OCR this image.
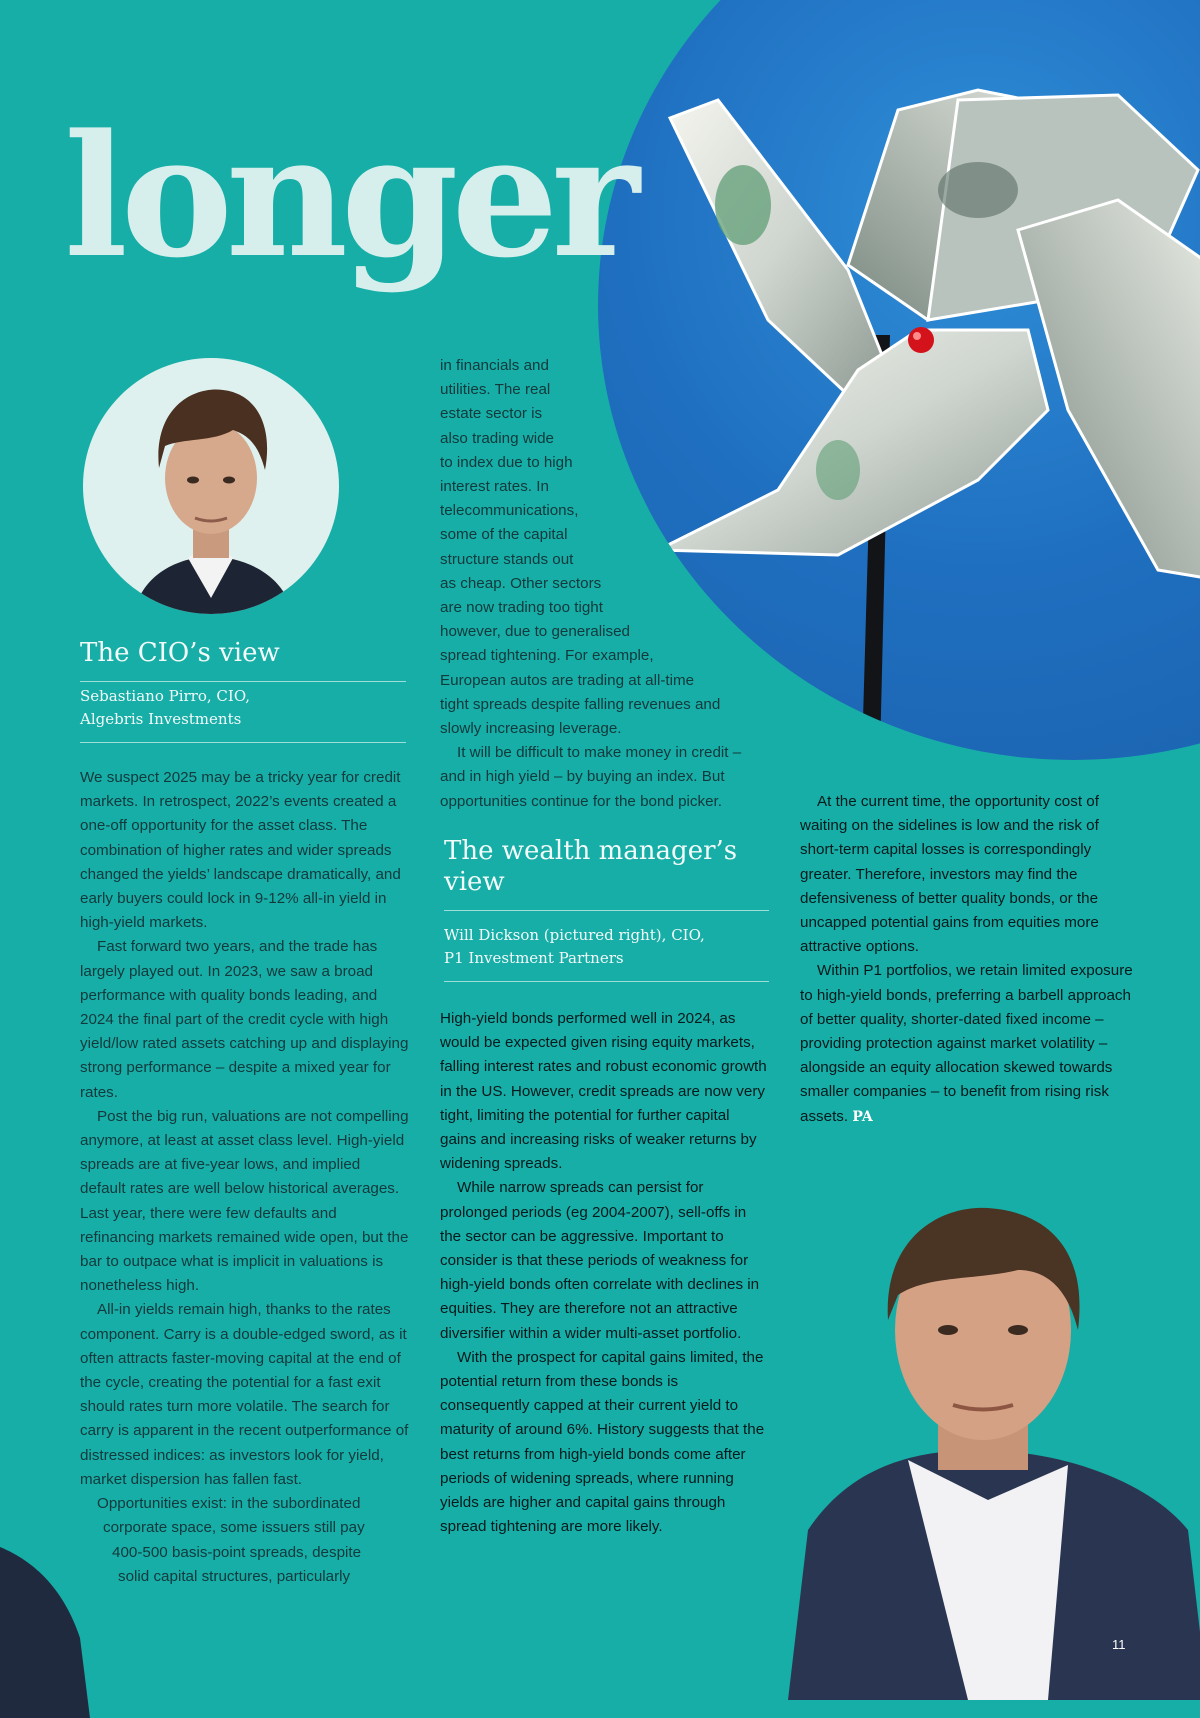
longer
The CIO’s view
Sebastiano Pirro, CIO,
Algebris Investments

We suspect 2025 may be a tricky year for credit markets. In retrospect, 2022’s events created a one-off opportunity for the asset class. The combination of higher rates and wider spreads changed the yields’ landscape dramatically, and early buyers could lock in 9-12% all-in yield in high-yield markets.

Fast forward two years, and the trade has largely played out. In 2023, we saw a broad performance with quality bonds leading, and 2024 the final part of the credit cycle with high yield/low rated assets catching up and displaying strong performance – despite a mixed year for rates.

Post the big run, valuations are not compelling anymore, at least at asset class level. High-yield spreads are at five-year lows, and implied default rates are well below historical averages. Last year, there were few defaults and refinancing markets remained wide open, but the bar to outpace what is implicit in valuations is nonetheless high.

All-in yields remain high, thanks to the rates component. Carry is a double-edged sword, as it often attracts faster-moving capital at the end of the cycle, creating the potential for a fast exit should rates turn more volatile. The search for carry is apparent in the recent outperformance of distressed indices: as investors look for yield, market dispersion has fallen fast.

Opportunities exist: in the subordinated
corporate space, some issuers still pay
400-500 basis-point spreads, despite
solid capital structures, particularly
in financials and
utilities. The real
estate sector is
also trading wide
to index due to high
interest rates. In
telecommunications,
some of the capital
structure stands out
as cheap. Other sectors
are now trading too tight
however, due to generalised
spread tightening. For example,
European autos are trading at all-time
tight spreads despite falling revenues and
slowly increasing leverage.

It will be difficult to make money in credit – and in high yield – by buying an index. But opportunities continue for the bond picker.

The wealth manager’s view
Will Dickson (pictured right), CIO,
P1 Investment Partners

High-yield bonds performed well in 2024, as would be expected given rising equity markets, falling interest rates and robust economic growth in the US. However, credit spreads are now very tight, limiting the potential for further capital gains and increasing risks of weaker returns by widening spreads.

While narrow spreads can persist for prolonged periods (eg 2004-2007), sell-offs in the sector can be aggressive. Important to consider is that these periods of weakness for high-yield bonds often correlate with declines in equities. They are therefore not an attractive diversifier within a wider multi-asset portfolio.

With the prospect for capital gains limited, the potential return from these bonds is consequently capped at their current yield to maturity of around 6%. History suggests that the best returns from high-yield bonds come after periods of widening spreads, where running yields are higher and capital gains through spread tightening are more likely.

At the current time, the opportunity cost of waiting on the sidelines is low and the risk of short-term capital losses is correspondingly greater. Therefore, investors may find the defensiveness of better quality bonds, or the uncapped potential gains from equities more attractive options.

Within P1 portfolios, we retain limited exposure to high-yield bonds, preferring a barbell approach of better quality, shorter-dated fixed income – providing protection against market volatility – alongside an equity allocation skewed towards smaller companies – to benefit from rising risk assets. PA

11
